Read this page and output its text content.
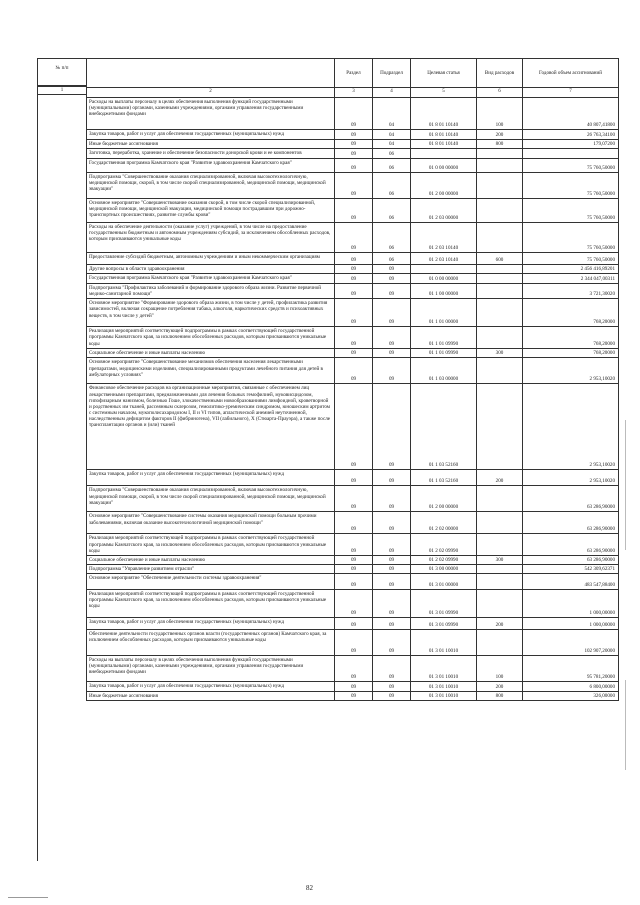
№ п/п
1
	Раздел	Подраздел	Целевая статья	Вид расходов	Годовой объем ассигнований
2	3	4	5	6	7
Расходы на выплаты персоналу в целях обеспечения выполнения функций государственными (муниципальными) органами, казенными учреждениями, органами управления государственными внебюджетными фондами	09	04	01 8 01 10140	100	40 807,41800
Закупка товаров, работ и услуг для обеспечения государственных (муниципальных) нужд	09	04	01 8 01 10140	200	26 763,34100
Иные бюджетные ассигнования	09	04	01 8 01 10140	800	179,07200
Заготовка, переработка, хранение и обеспечение безопасности донорской крови и ее компонентов	09	06			
Государственная программа Камчатского края "Развитие здравоохранения Камчатского края"	09	06	01 0 00 00000		75 760,50000
Подпрограмма "Совершенствование оказания специализированной, включая высокотехнологичную, медицинской помощи, скорой, в том числе скорой специализированной, медицинской помощи, медицинской эвакуации"	09	06	01 2 00 00000		75 760,50000
Основное мероприятие "Совершенствование оказания скорой, в том числе скорой специализированной, медицинской помощи, медицинской эвакуации, медицинской помощи пострадавшим при дорожно-транспортных происшествиях, развитие службы крови"	09	06	01 2 03 00000		75 760,50000
Расходы на обеспечение деятельности (оказание услуг) учреждений, в том числе на предоставление государственным бюджетным и автономным учреждениям субсидий, за исключением обособленных расходов, которым присваиваются уникальные коды	09	06	01 2 03 10140		75 760,50000
Предоставление субсидий бюджетным, автономным учреждениям и иным некоммерческим организациям	09	06	01 2 03 10140	600	75 760,50000
Другие вопросы в области здравоохранения	09	09			2 456 416,89201
Государственная программа Камчатского края "Развитие здравоохранения Камчатского края"	09	09	01 0 00 00000		2 344 047,00311
Подпрограмма "Профилактика заболеваний и формирование здорового образа жизни. Развитие первичной медико-санитарной помощи"	09	09	01 1 00 00000		3 721,30020
Основное мероприятие "Формирование здорового образа жизни, в том числе у детей, профилактика развития зависимостей, включая сокращение потребления табака, алкоголя, наркотических средств и психоактивных веществ, в том числе у детей"	09	09	01 1 01 00000		768,20000
Реализация мероприятий соответствующей подпрограммы в рамках соответствующей государственной программы Камчатского края, за исключением обособленных расходов, которым присваиваются уникальные коды	09	09	01 1 01 09990		768,20000
Социальное обеспечение и иные выплаты населению	09	09	01 1 01 09990	300	768,20000
Основное мероприятие "Совершенствование механизмов обеспечения населения лекарственными препаратами, медицинскими изделиями, специализированными продуктами лечебного питания для детей в амбулаторных условиях"	09	09	01 1 03 00000		2 953,10020
Финансовое обеспечение расходов на организационные мероприятия, связанные с обеспечением лиц лекарственными препаратами, предназначенными для лечения больных гемофилией, муковисцидозом, гипофизарным нанизмом, болезнью Гоше, злокачественными новообразованиями лимфоидной, кроветворной и родственных им тканей, рассеянным склерозом, гемолитико-уремическим синдромом, юношеским артритом с системным началом, мукополисахаридозом I, II и VI типов, апластической анемией неуточненной, наследственным дефицитом факторов II (фибриногена), VII (лабильного), X (Стюарта-Прауэра), а также после трансплантации органов и (или) тканей	09	09	01 1 03 52160		2 953,10020
Закупка товаров, работ и услуг для обеспечения государственных (муниципальных) нужд	09	09	01 1 03 52160	200	2 953,10020
Подпрограмма "Совершенствование оказания специализированной, включая высокотехнологичную, медицинской помощи, скорой, в том числе скорой специализированной, медицинской помощи, медицинской эвакуации"	09	09	01 2 00 00000		63 286,90000
Основное мероприятие "Совершенствование системы оказания медицинской помощи больным прочими заболеваниями, включая оказание высокотехнологичной медицинской помощи"	09	09	01 2 02 00000		63 286,90000
Реализация мероприятий соответствующей подпрограммы в рамках соответствующей государственной программы Камчатского края, за исключением обособленных расходов, которым присваиваются уникальные коды	09	09	01 2 02 09990		63 286,90000
Социальное обеспечение и иные выплаты населению	09	09	01 2 02 09990	300	63 286,90000
Подпрограмма "Управление развитием отрасли"	09	09	01 3 00 00000		542 309,62371
Основное мероприятие "Обеспечение деятельности системы здравоохранения"	09	09	01 3 01 00000		483 547,88400
Реализация мероприятий соответствующей подпрограммы в рамках соответствующей государственной программы Камчатского края, за исключением обособленных расходов, которым присваиваются уникальные коды	09	09	01 3 01 09990		1 000,00000
Закупка товаров, работ и услуг для обеспечения государственных (муниципальных) нужд	09	09	01 3 01 09990	200	1 000,00000
Обеспечение деятельности государственных органов власти (государственных органов) Камчатского края, за исключением обособленных расходов, которым присваиваются уникальные коды	09	09	01 3 01 10010		102 907,20000
Расходы на выплаты персоналу в целях обеспечения выполнения функций государственными (муниципальными) органами, казенными учреждениями, органами управления государственными внебюджетными фондами	09	09	01 3 01 10010	100	95 781,20000
Закупка товаров, работ и услуг для обеспечения государственных (муниципальных) нужд	09	09	01 3 01 10010	200	6 800,00000
Иные бюджетные ассигнования	09	09	01 3 01 10010	800	326,00000
82
